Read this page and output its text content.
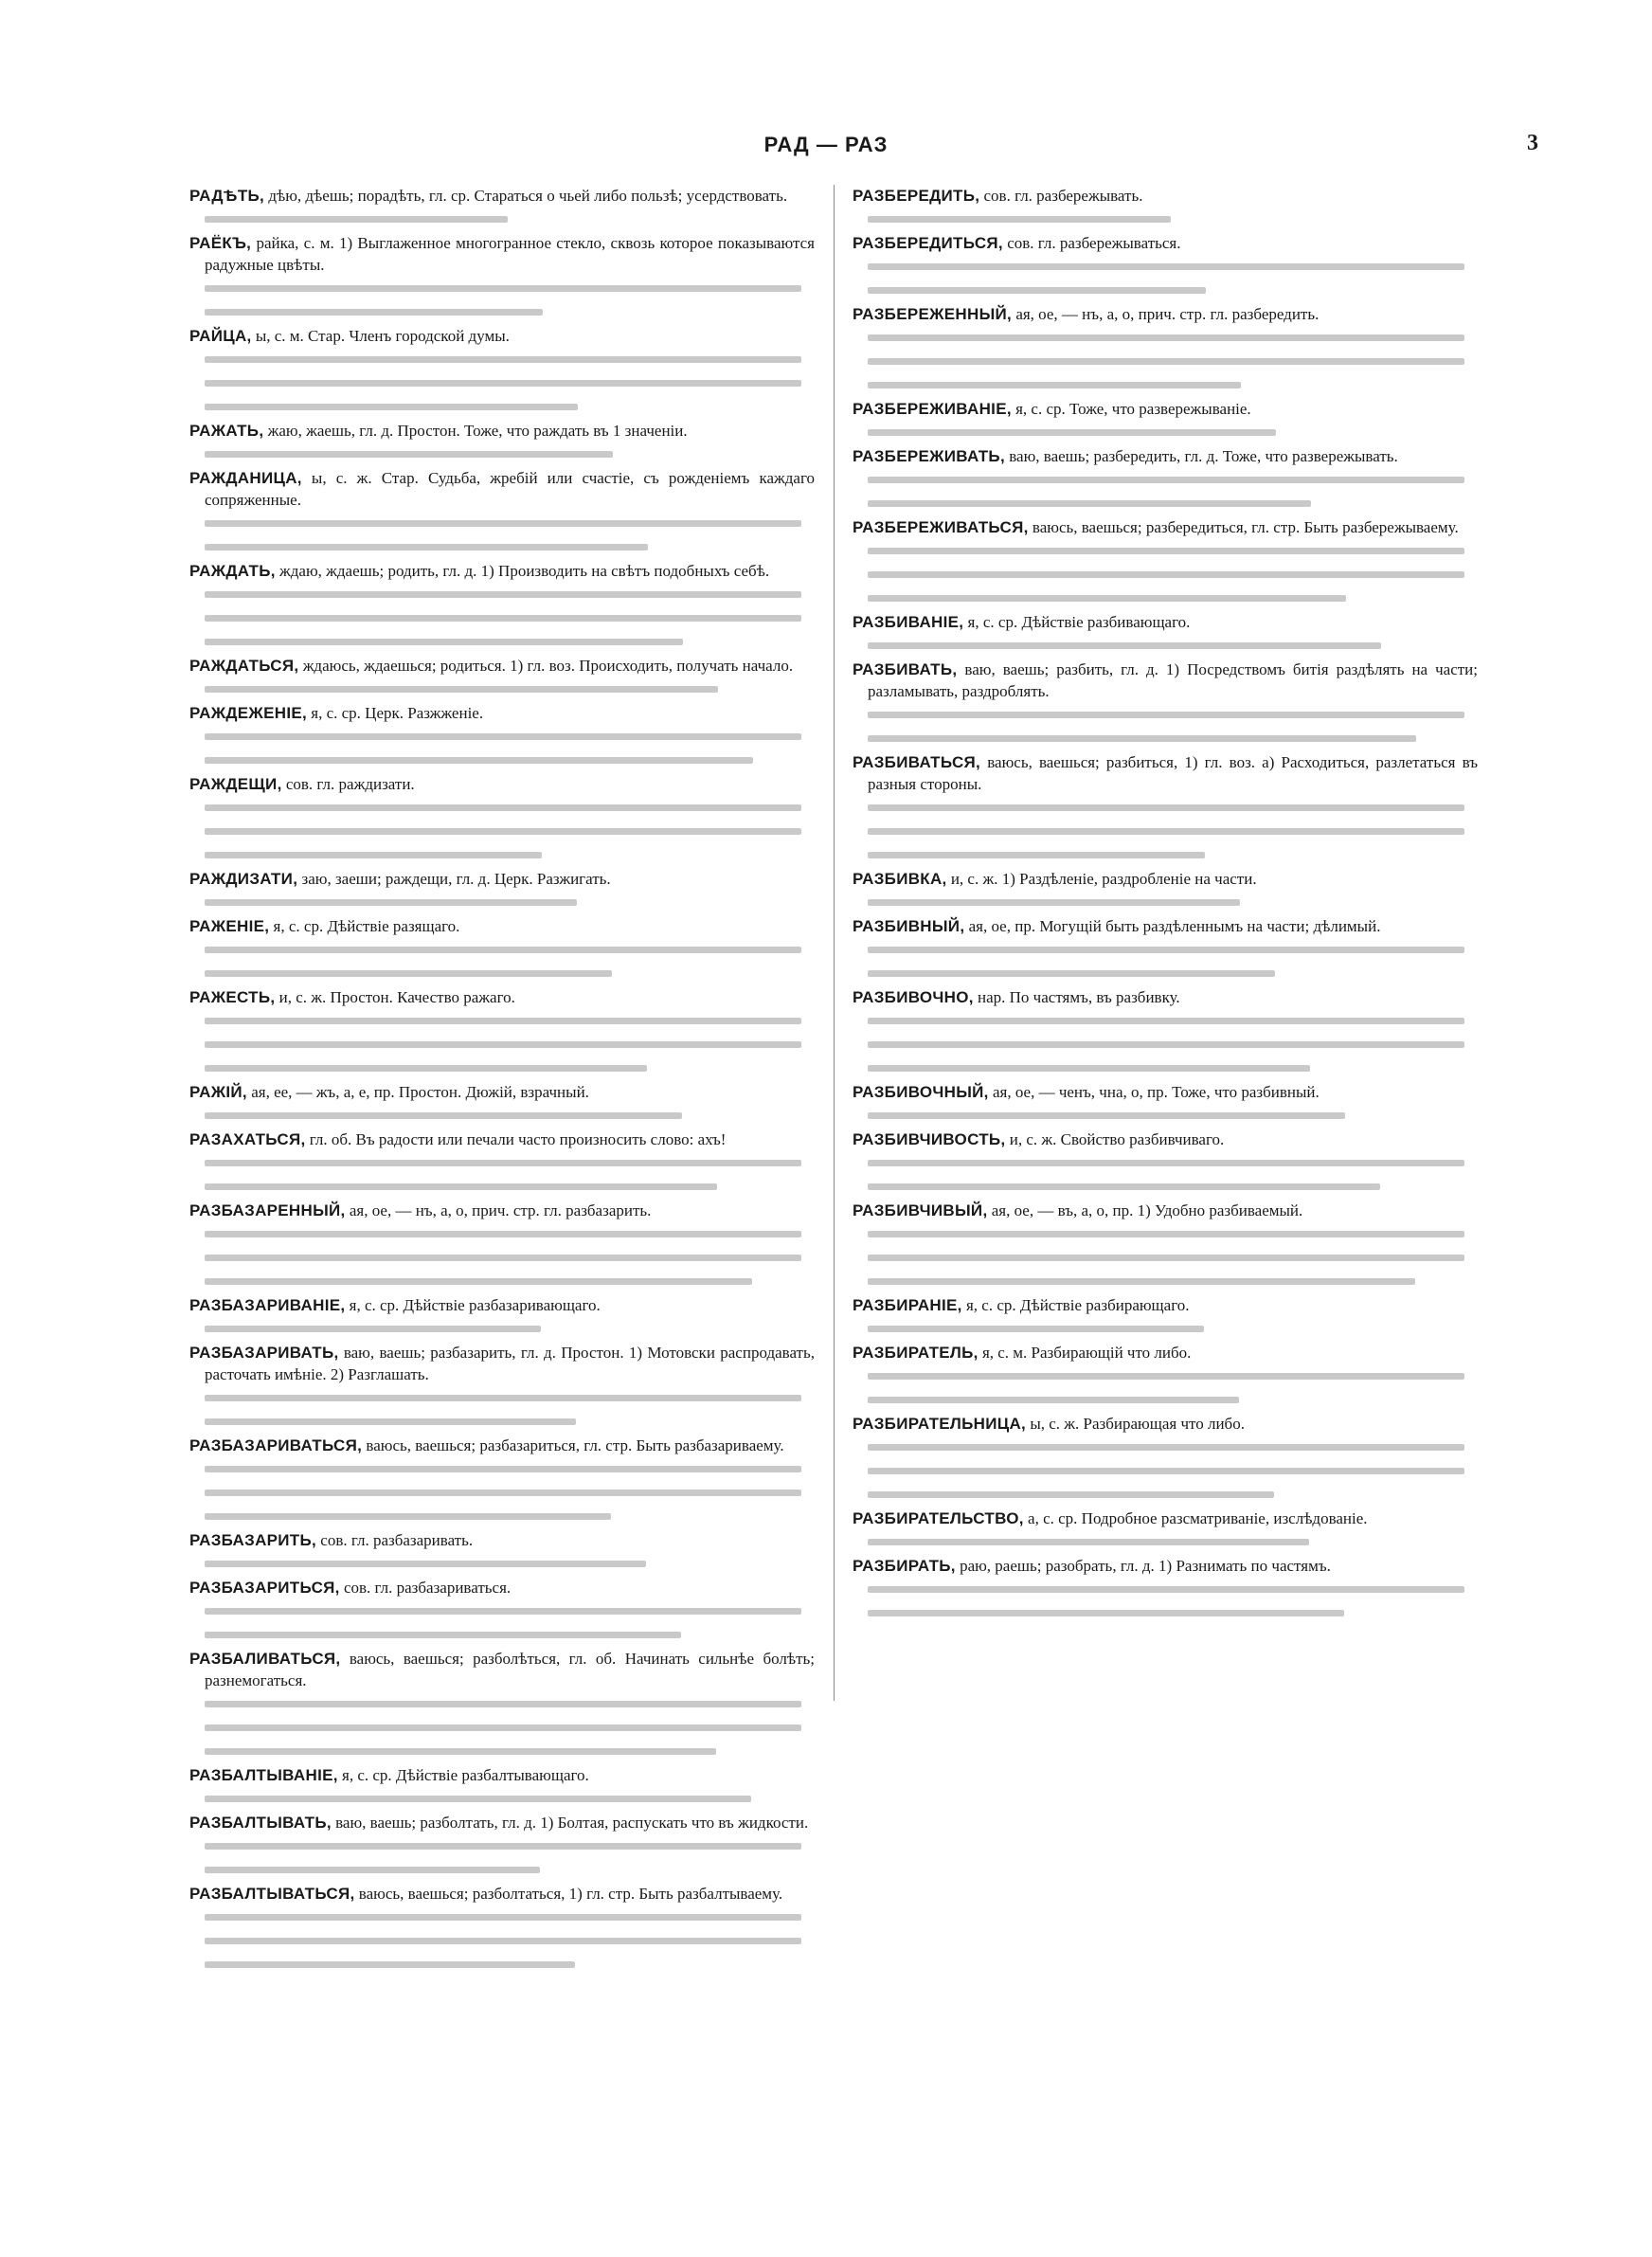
РАД — РАЗ	3

РАДѢТЬ, дѣю, дѣешь; порадѣть, гл. ср. Стараться о чьей либо пользѣ; усердствовать.

РАЁКЪ, райка, с. м. 1) Выглаженное многогранное стекло, сквозь которое показываются радужные цвѣты.

РАЙЦА, ы, с. м. Стар. Членъ городской думы.

РАЖАТЬ, жаю, жаешь, гл. д. Простон. Тоже, что раждать въ 1 значеніи.

РАЖДАНИЦА, ы, с. ж. Стар. Судьба, жребій или счастіе, съ рожденіемъ каждаго сопряженные.

РАЖДАТЬ, ждаю, ждаешь; родить, гл. д. 1) Производить на свѣтъ подобныхъ себѣ.

РАЖДАТЬСЯ, ждаюсь, ждаешься; родиться. 1) гл. воз. Происходить, получать начало.

РАЖДЕЖЕНІЕ, я, с. ср. Церк. Разжженіе.

РАЖДЕЩИ, сов. гл. раждизати.

РАЖДИЗАТИ, заю, заеши; раждещи, гл. д. Церк. Разжигать.

РАЖЕНІЕ, я, с. ср. Дѣйствіе разящаго.

РАЖЕСТЬ, и, с. ж. Простон. Качество ражаго.

РАЖІЙ, ая, ее, — жъ, а, е, пр. Простон. Дюжій, взрачный.

РАЗАХАТЬСЯ, гл. об. Въ радости или печали часто произносить слово: ахъ!

РАЗБАЗАРЕННЫЙ, ая, ое, — нъ, а, о, прич. стр. гл. разбазарить.

РАЗБАЗАРИВАНІЕ, я, с. ср. Дѣйствіе разбазаривающаго.

РАЗБАЗАРИВАТЬ, ваю, ваешь; разбазарить, гл. д. Простон. 1) Мотовски распродавать, расточать имѣніе. 2) Разглашать.

РАЗБАЗАРИВАТЬСЯ, ваюсь, ваешься; разбазариться, гл. стр. Быть разбазариваему.

РАЗБАЗАРИТЬ, сов. гл. разбазаривать.

РАЗБАЗАРИТЬСЯ, сов. гл. разбазариваться.

РАЗБАЛИВАТЬСЯ, ваюсь, ваешься; разболѣться, гл. об. Начинать сильнѣе болѣть; разнемогаться.

РАЗБАЛТЫВАНІЕ, я, с. ср. Дѣйствіе разбалтывающаго.

РАЗБАЛТЫВАТЬ, ваю, ваешь; разболтать, гл. д. 1) Болтая, распускать что въ жидкости.

РАЗБАЛТЫВАТЬСЯ, ваюсь, ваешься; разболтаться, 1) гл. стр. Быть разбалтываему.

РАЗБЕРЕДИТЬ, сов. гл. разбережывать.

РАЗБЕРЕДИТЬСЯ, сов. гл. разбережываться.

РАЗБЕРЕЖЕННЫЙ, ая, ое, — нъ, а, о, прич. стр. гл. разбередить.

РАЗБЕРЕЖИВАНІЕ, я, с. ср. Тоже, что развережываніе.

РАЗБЕРЕЖИВАТЬ, ваю, ваешь; разбередить, гл. д. Тоже, что развережывать.

РАЗБЕРЕЖИВАТЬСЯ, ваюсь, ваешься; разбередиться, гл. стр. Быть разбережываему.

РАЗБИВАНІЕ, я, с. ср. Дѣйствіе разбивающаго.

РАЗБИВАТЬ, ваю, ваешь; разбить, гл. д. 1) Посредствомъ битія раздѣлять на части; разламывать, раздроблять.

РАЗБИВАТЬСЯ, ваюсь, ваешься; разбиться, 1) гл. воз. а) Расходиться, разлетаться въ разныя стороны.

РАЗБИВКА, и, с. ж. 1) Раздѣленіе, раздробленіе на части.

РАЗБИВНЫЙ, ая, ое, пр. Могущій быть раздѣленнымъ на части; дѣлимый.

РАЗБИВОЧНО, нар. По частямъ, въ разбивку.

РАЗБИВОЧНЫЙ, ая, ое, — ченъ, чна, о, пр. Тоже, что разбивный.

РАЗБИВЧИВОСТЬ, и, с. ж. Свойство разбивчиваго.

РАЗБИВЧИВЫЙ, ая, ое, — въ, а, о, пр. 1) Удобно разбиваемый.

РАЗБИРАНІЕ, я, с. ср. Дѣйствіе разбирающаго.

РАЗБИРАТЕЛЬ, я, с. м. Разбирающій что либо.

РАЗБИРАТЕЛЬНИЦА, ы, с. ж. Разбирающая что либо.

РАЗБИРАТЕЛЬСТВО, а, с. ср. Подробное разсматриваніе, изслѣдованіе.

РАЗБИРАТЬ, раю, раешь; разобрать, гл. д. 1) Разнимать по частямъ.
